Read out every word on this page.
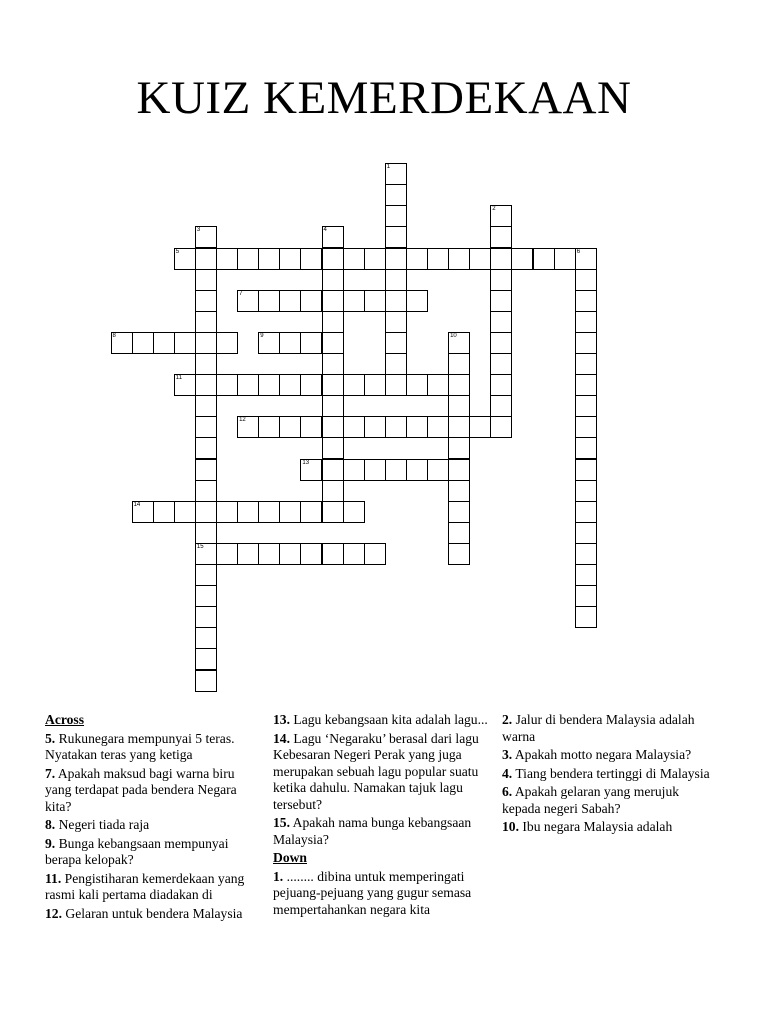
KUIZ KEMERDEKAAN
5	6
7
8	9
11
12
13
14
15
1
2
3	4
10
Across
5. Rukunegara mempunyai 5 teras. Nyatakan teras yang ketiga
7. Apakah maksud bagi warna biru yang terdapat pada bendera Negara kita?
8. Negeri tiada raja
9. Bunga kebangsaan mempunyai berapa kelopak?
11. Pengistiharan kemerdekaan yang rasmi kali pertama diadakan di
12. Gelaran untuk bendera Malaysia
13. Lagu kebangsaan kita adalah lagu...
14. Lagu ‘Negaraku’ berasal dari lagu Kebesaran Negeri Perak yang juga merupakan sebuah lagu popular suatu ketika dahulu. Namakan tajuk lagu tersebut?
15. Apakah nama bunga kebangsaan Malaysia?
Down
1. ........ dibina untuk memperingati pejuang-pejuang yang gugur semasa mempertahankan negara kita
2. Jalur di bendera Malaysia adalah warna
3. Apakah motto negara Malaysia?
4. Tiang bendera tertinggi di Malaysia
6. Apakah gelaran yang merujuk kepada negeri Sabah?
10. Ibu negara Malaysia adalah
